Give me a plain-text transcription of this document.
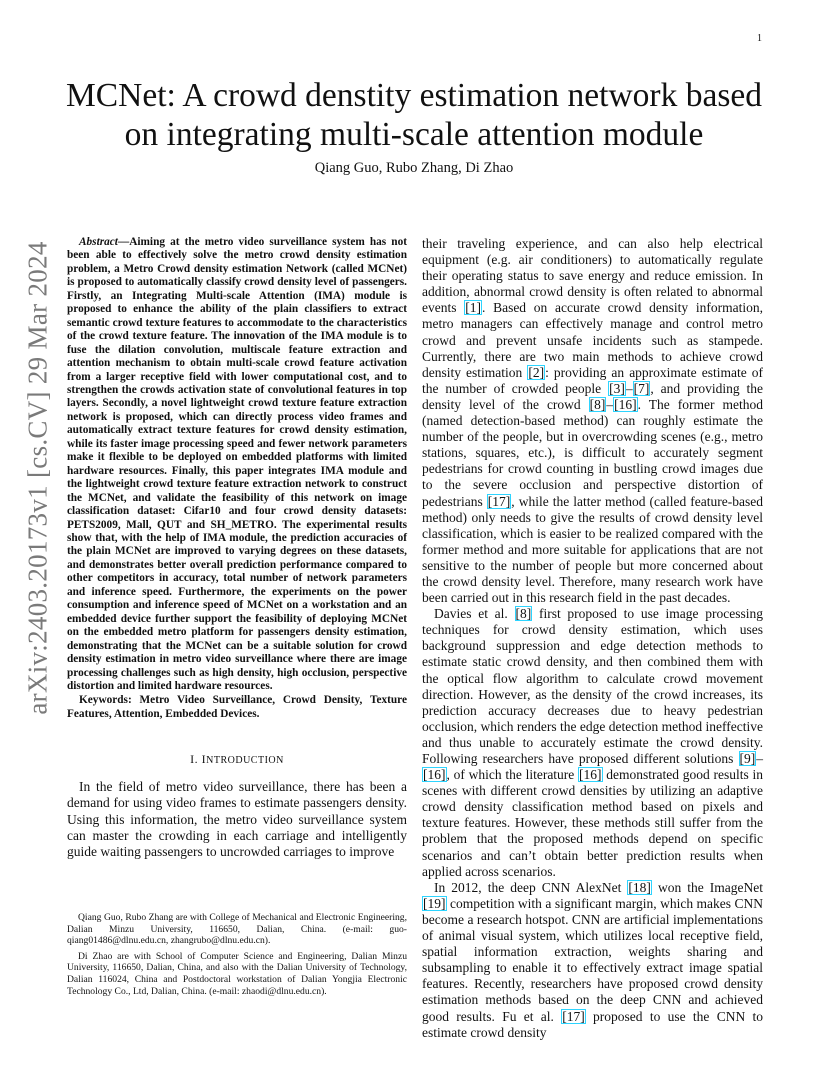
1
arXiv:2403.20173v1 [cs.CV] 29 Mar 2024
MCNet: A crowd denstity estimation network based
on integrating multi-scale attention module
Qiang Guo, Rubo Zhang, Di Zhao

Abstract—Aiming at the metro video surveillance system has not been able to effectively solve the metro crowd density estimation problem, a Metro Crowd density estimation Network (called MCNet) is proposed to automatically classify crowd density level of passengers. Firstly, an Integrating Multi-scale Attention (IMA) module is proposed to enhance the ability of the plain classifiers to extract semantic crowd texture features to accommodate to the characteristics of the crowd texture feature. The innovation of the IMA module is to fuse the dilation convolution, multiscale feature extraction and attention mechanism to obtain multi-scale crowd feature activation from a larger receptive field with lower computational cost, and to strengthen the crowds activation state of convolutional features in top layers. Secondly, a novel lightweight crowd texture feature extraction network is proposed, which can directly process video frames and automatically extract texture features for crowd density estimation, while its faster image processing speed and fewer network parameters make it flexible to be deployed on embedded platforms with limited hardware resources. Finally, this paper integrates IMA module and the lightweight crowd texture feature extraction network to construct the MCNet, and validate the feasibility of this network on image classification dataset: Cifar10 and four crowd density datasets: PETS2009, Mall, QUT and SH_METRO. The experimental results show that, with the help of IMA module, the prediction accuracies of the plain MCNet are improved to varying degrees on these datasets, and demonstrates better overall prediction performance compared to other competitors in accuracy, total number of network parameters and inference speed. Furthermore, the experiments on the power consumption and inference speed of MCNet on a workstation and an embedded device further support the feasibility of deploying MCNet on the embedded metro platform for passengers density estimation, demonstrating that the MCNet can be a suitable solution for crowd density estimation in metro video surveillance where there are image processing challenges such as high density, high occlusion, perspective distortion and limited hardware resources.

Keywords: Metro Video Surveillance, Crowd Density, Texture Features, Attention, Embedded Devices.

I. INTRODUCTION

In the field of metro video surveillance, there has been a demand for using video frames to estimate passengers density. Using this information, the metro video surveillance system can master the crowding in each carriage and intelligently guide waiting passengers to uncrowded carriages to improve

Qiang Guo, Rubo Zhang are with College of Mechanical and Electronic Engineering, Dalian Minzu University, 116650, Dalian, China. (e-mail: guo-qiang01486@dlnu.edu.cn, zhangrubo@dlnu.edu.cn).

Di Zhao are with School of Computer Science and Engineering, Dalian Minzu University, 116650, Dalian, China, and also with the Dalian University of Technology, Dalian 116024, China and Postdoctoral workstation of Dalian Yongjia Electronic Technology Co., Ltd, Dalian, China. (e-mail: zhaodi@dlnu.edu.cn).

their traveling experience, and can also help electrical equipment (e.g. air conditioners) to automatically regulate their operating status to save energy and reduce emission. In addition, abnormal crowd density is often related to abnormal events [1]. Based on accurate crowd density information, metro managers can effectively manage and control metro crowd and prevent unsafe incidents such as stampede. Currently, there are two main methods to achieve crowd density estimation [2]: providing an approximate estimate of the number of crowded people [3]–[7], and providing the density level of the crowd [8]–[16]. The former method (named detection-based method) can roughly estimate the number of the people, but in overcrowding scenes (e.g., metro stations, squares, etc.), is difficult to accurately segment pedestrians for crowd counting in bustling crowd images due to the severe occlusion and perspective distortion of pedestrians [17], while the latter method (called feature-based method) only needs to give the results of crowd density level classification, which is easier to be realized compared with the former method and more suitable for applications that are not sensitive to the number of people but more concerned about the crowd density level. Therefore, many research work have been carried out in this research field in the past decades.

Davies et al. [8] first proposed to use image processing techniques for crowd density estimation, which uses background suppression and edge detection methods to estimate static crowd density, and then combined them with the optical flow algorithm to calculate crowd movement direction. However, as the density of the crowd increases, its prediction accuracy decreases due to heavy pedestrian occlusion, which renders the edge detection method ineffective and thus unable to accurately estimate the crowd density. Following researchers have proposed different solutions [9]–[16], of which the literature [16] demonstrated good results in scenes with different crowd densities by utilizing an adaptive crowd density classification method based on pixels and texture features. However, these methods still suffer from the problem that the proposed methods depend on specific scenarios and can’t obtain better prediction results when applied across scenarios.

In 2012, the deep CNN AlexNet [18] won the ImageNet [19] competition with a significant margin, which makes CNN become a research hotspot. CNN are artificial implementations of animal visual system, which utilizes local receptive field, spatial information extraction, weights sharing and subsampling to enable it to effectively extract image spatial features. Recently, researchers have proposed crowd density estimation methods based on the deep CNN and achieved good results. Fu et al. [17] proposed to use the CNN to estimate crowd density
